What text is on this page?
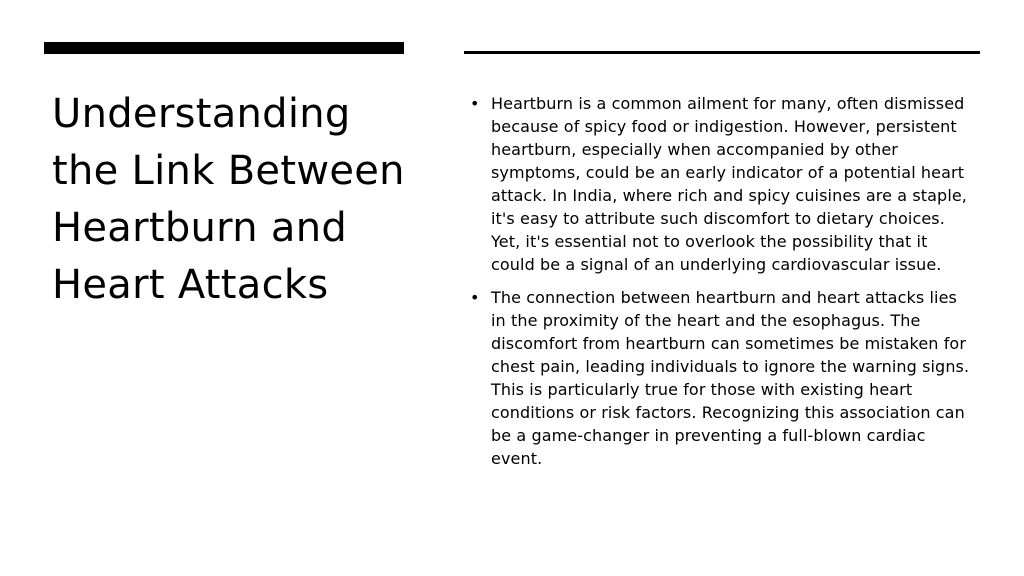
Understanding the Link Between Heartburn and Heart Attacks
• Heartburn is a common ailment for many, often dismissed because of spicy food or indigestion. However, persistent heartburn, especially when accompanied by other symptoms, could be an early indicator of a potential heart attack. In India, where rich and spicy cuisines are a staple, it's easy to attribute such discomfort to dietary choices. Yet, it's essential not to overlook the possibility that it could be a signal of an underlying cardiovascular issue.
• The connection between heartburn and heart attacks lies in the proximity of the heart and the esophagus. The discomfort from heartburn can sometimes be mistaken for chest pain, leading individuals to ignore the warning signs. This is particularly true for those with existing heart conditions or risk factors. Recognizing this association can be a game-changer in preventing a full-blown cardiac event.
